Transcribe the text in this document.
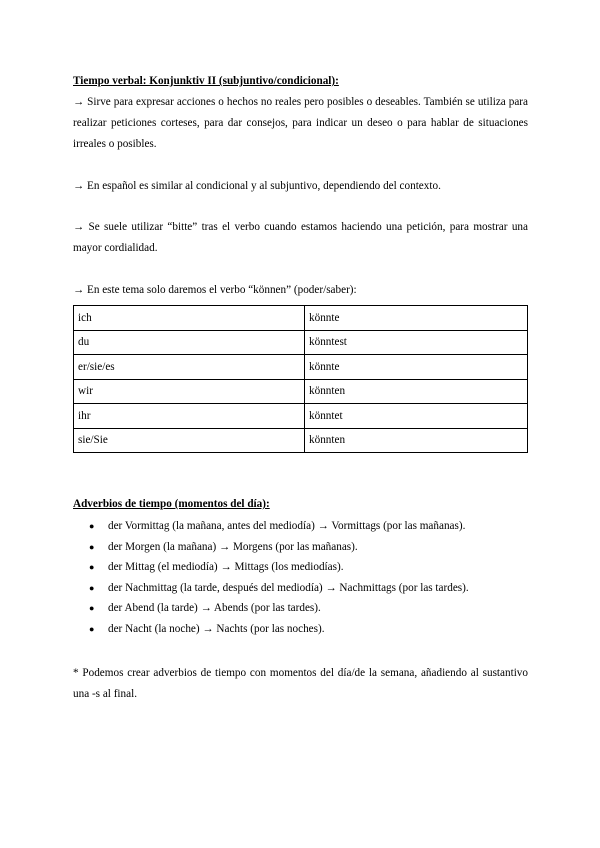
Tiempo verbal: Konjunktiv II (subjuntivo/condicional):
→ Sirve para expresar acciones o hechos no reales pero posibles o deseables. También se utiliza para realizar peticiones corteses, para dar consejos, para indicar un deseo o para hablar de situaciones irreales o posibles.
→ En español es similar al condicional y al subjuntivo, dependiendo del contexto.
→ Se suele utilizar “bitte” tras el verbo cuando estamos haciendo una petición, para mostrar una mayor cordialidad.
→ En este tema solo daremos el verbo “können” (poder/saber):
ich	könnte
du	könntest
er/sie/es	könnte
wir	könnten
ihr	könntet
sie/Sie	könnten
Adverbios de tiempo (momentos del día):
● der Vormittag (la mañana, antes del mediodía) → Vormittags (por las mañanas).
● der Morgen (la mañana) → Morgens (por las mañanas).
● der Mittag (el mediodía) → Mittags (los mediodías).
● der Nachmittag (la tarde, después del mediodía) → Nachmittags (por las tardes).
● der Abend (la tarde) → Abends (por las tardes).
● der Nacht (la noche) → Nachts (por las noches).
* Podemos crear adverbios de tiempo con momentos del día/de la semana, añadiendo al sustantivo una -s al final.
